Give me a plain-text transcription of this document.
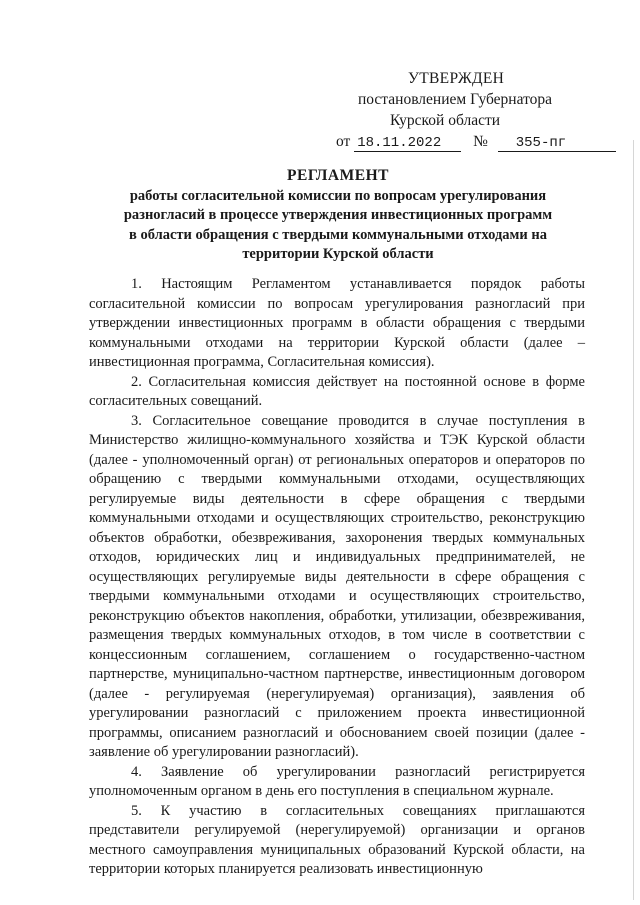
УТВЕРЖДЕН
постановлением Губернатора
Курской области
от 18.11.2022 № 355-пг
РЕГЛАМЕНТ
работы согласительной комиссии по вопросам урегулирования
разногласий в процессе утверждения инвестиционных программ
в области обращения с твердыми коммунальными отходами на
территории Курской области

1. Настоящим Регламентом устанавливается порядок работы согласительной комиссии по вопросам урегулирования разногласий при утверждении инвестиционных программ в области обращения с твердыми коммунальными отходами на территории Курской области (далее – инвестиционная программа, Согласительная комиссия).

2. Согласительная комиссия действует на постоянной основе в форме согласительных совещаний.

3. Согласительное совещание проводится в случае поступления в Министерство жилищно-коммунального хозяйства и ТЭК Курской области (далее - уполномоченный орган) от региональных операторов и операторов по обращению с твердыми коммунальными отходами, осуществляющих регулируемые виды деятельности в сфере обращения с твердыми коммунальными отходами и осуществляющих строительство, реконструкцию объектов обработки, обезвреживания, захоронения твердых коммунальных отходов, юридических лиц и индивидуальных предпринимателей, не осуществляющих регулируемые виды деятельности в сфере обращения с твердыми коммунальными отходами и осуществляющих строительство, реконструкцию объектов накопления, обработки, утилизации, обезвреживания, размещения твердых коммунальных отходов, в том числе в соответствии с концессионным соглашением, соглашением о государственно-частном партнерстве, муниципально-частном партнерстве, инвестиционным договором (далее - регулируемая (нерегулируемая) организация), заявления об урегулировании разногласий с приложением проекта инвестиционной программы, описанием разногласий и обоснованием своей позиции (далее - заявление об урегулировании разногласий).

4. Заявление об урегулировании разногласий регистрируется уполномоченным органом в день его поступления в специальном журнале.

5. К участию в согласительных совещаниях приглашаются представители регулируемой (нерегулируемой) организации и органов местного самоуправления муниципальных образований Курской области, на территории которых планируется реализовать инвестиционную
